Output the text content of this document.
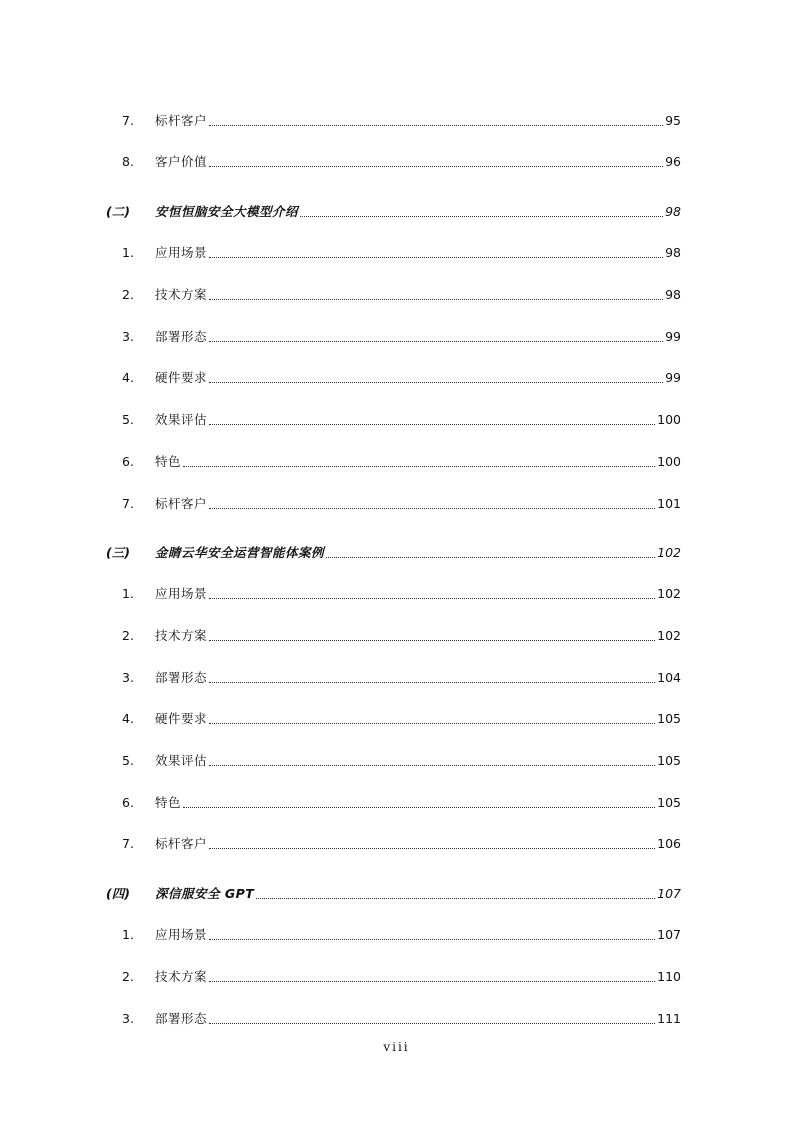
7.	标杆客户	95
8.	客户价值	96
(二)	安恒恒脑安全大模型介绍	98
1.	应用场景	98
2.	技术方案	98
3.	部署形态	99
4.	硬件要求	99
5.	效果评估	100
6.	特色	100
7.	标杆客户	101
(三)	金睛云华安全运营智能体案例	102
1.	应用场景	102
2.	技术方案	102
3.	部署形态	104
4.	硬件要求	105
5.	效果评估	105
6.	特色	105
7.	标杆客户	106
(四)	深信服安全 GPT	107
1.	应用场景	107
2.	技术方案	110
3.	部署形态	111
viii
